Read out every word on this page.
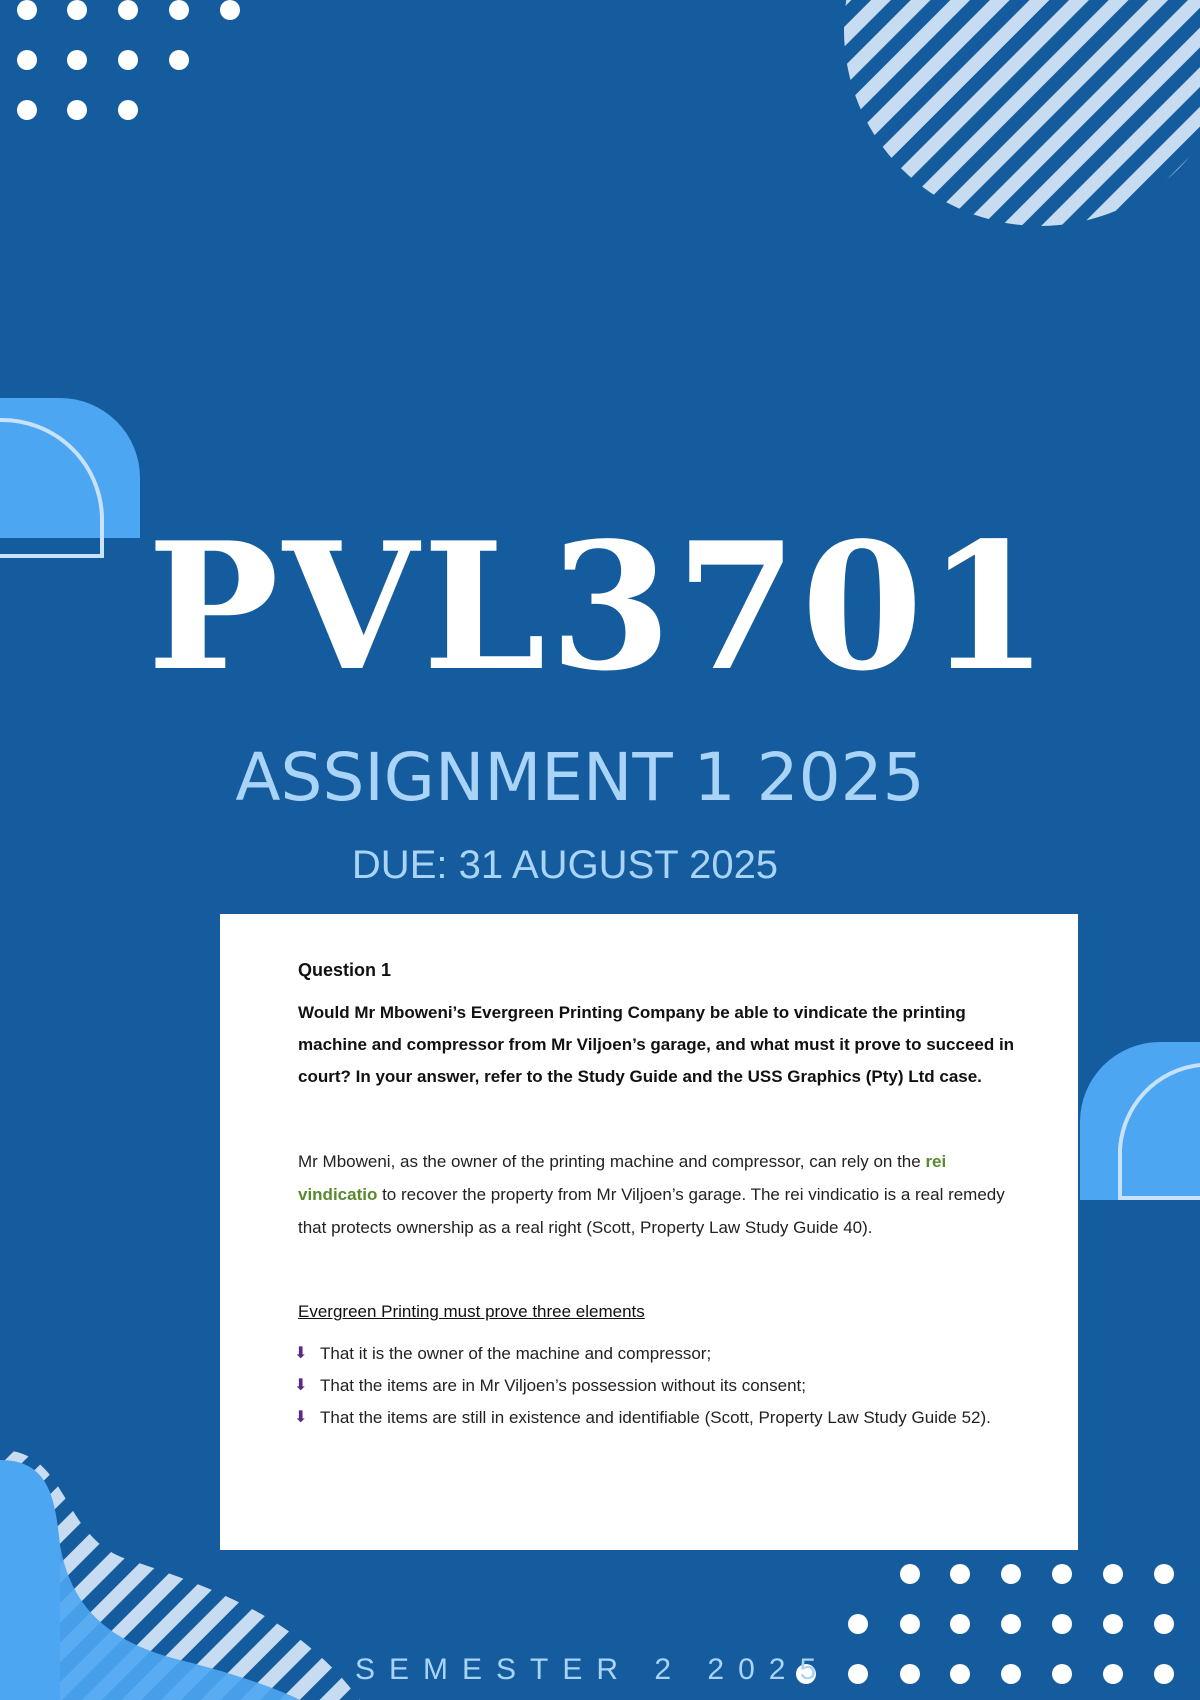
PVL3701
ASSIGNMENT 1 2025
DUE: 31 AUGUST 2025
Question 1

Would Mr Mboweni’s Evergreen Printing Company be able to vindicate the printing machine and compressor from Mr Viljoen’s garage, and what must it prove to succeed in court? In your answer, refer to the Study Guide and the USS Graphics (Pty) Ltd case.

Mr Mboweni, as the owner of the printing machine and compressor, can rely on the rei vindicatio to recover the property from Mr Viljoen’s garage. The rei vindicatio is a real remedy that protects ownership as a real right (Scott, Property Law Study Guide 40).

Evergreen Printing must prove three elements
⬇ That it is the owner of the machine and compressor;
⬇ That the items are in Mr Viljoen’s possession without its consent;
⬇ That the items are still in existence and identifiable (Scott, Property Law Study Guide 52).
SEMESTER 2 2025
